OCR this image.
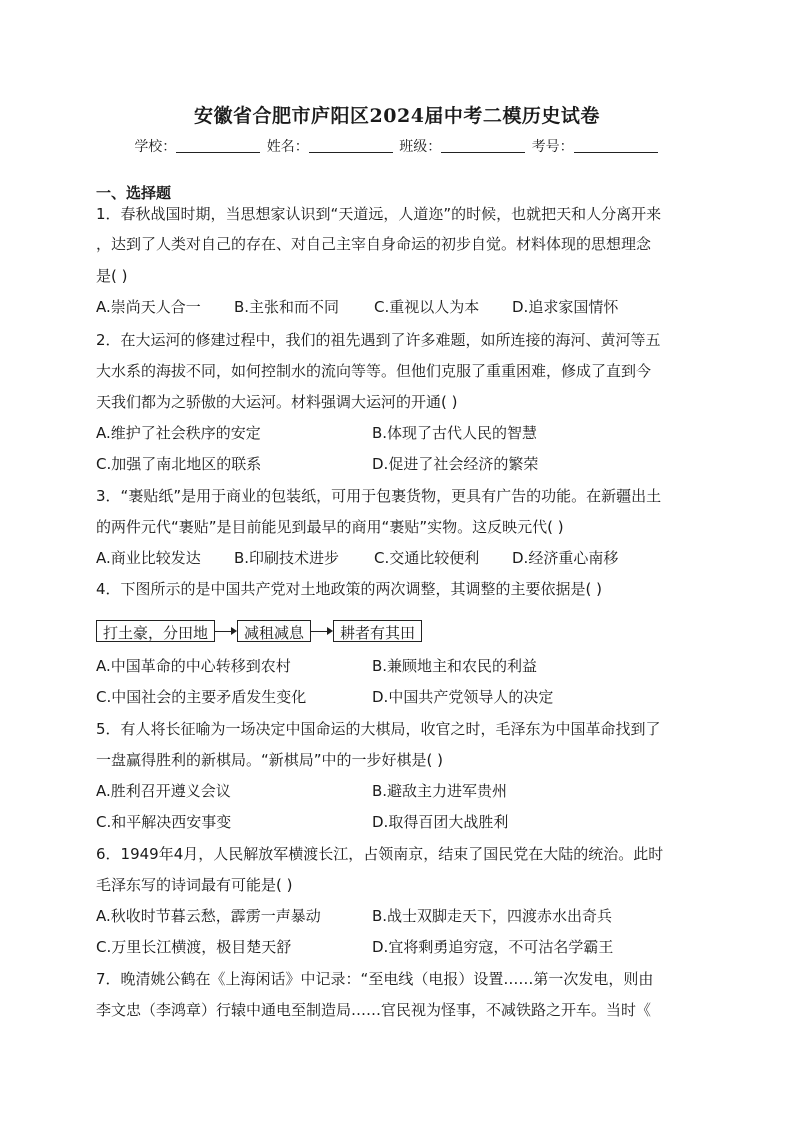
安徽省合肥市庐阳区2024届中考二模历史试卷
学校：	姓名：	班级：	考号：
一、选择题
1．春秋战国时期，当思想家认识到“天道远，人道迩”的时候，也就把天和人分离开来
，达到了人类对自己的存在、对自己主宰自身命运的初步自觉。材料体现的思想理念
是( )
A.崇尚天人合一 B.主张和而不同 C.重视以人为本 D.追求家国情怀
2．在大运河的修建过程中，我们的祖先遇到了许多难题，如所连接的海河、黄河等五
大水系的海拔不同，如何控制水的流向等等。但他们克服了重重困难，修成了直到今
天我们都为之骄傲的大运河。材料强调大运河的开通( )
A.维护了社会秩序的安定	B.体现了古代人民的智慧
C.加强了南北地区的联系	D.促进了社会经济的繁荣
3．“裹贴纸”是用于商业的包装纸，可用于包裹货物，更具有广告的功能。在新疆出土
的两件元代“裹贴”是目前能见到最早的商用“裹贴”实物。这反映元代( )
A.商业比较发达 B.印刷技术进步 C.交通比较便利 D.经济重心南移
4．下图所示的是中国共产党对土地政策的两次调整，其调整的主要依据是( )
打土豪，分田地	减租减息	耕者有其田
A.中国革命的中心转移到农村	B.兼顾地主和农民的利益
C.中国社会的主要矛盾发生变化	D.中国共产党领导人的决定
5．有人将长征喻为一场决定中国命运的大棋局，收官之时，毛泽东为中国革命找到了
一盘赢得胜利的新棋局。“新棋局”中的一步好棋是( )
A.胜利召开遵义会议	B.避敌主力进军贵州
C.和平解决西安事变	D.取得百团大战胜利
6．1949年4月，人民解放军横渡长江，占领南京，结束了国民党在大陆的统治。此时
毛泽东写的诗词最有可能是( )
A.秋收时节暮云愁，霹雳一声暴动	B.战士双脚走天下，四渡赤水出奇兵
C.万里长江横渡，极目楚天舒	D.宜将剩勇追穷寇，不可沽名学霸王
7．晚清姚公鹤在《上海闲话》中记录：“至电线（电报）设置……第一次发电，则由
李文忠（李鸿章）行辕中通电至制造局……官民视为怪事，不减铁路之开车。当时《
